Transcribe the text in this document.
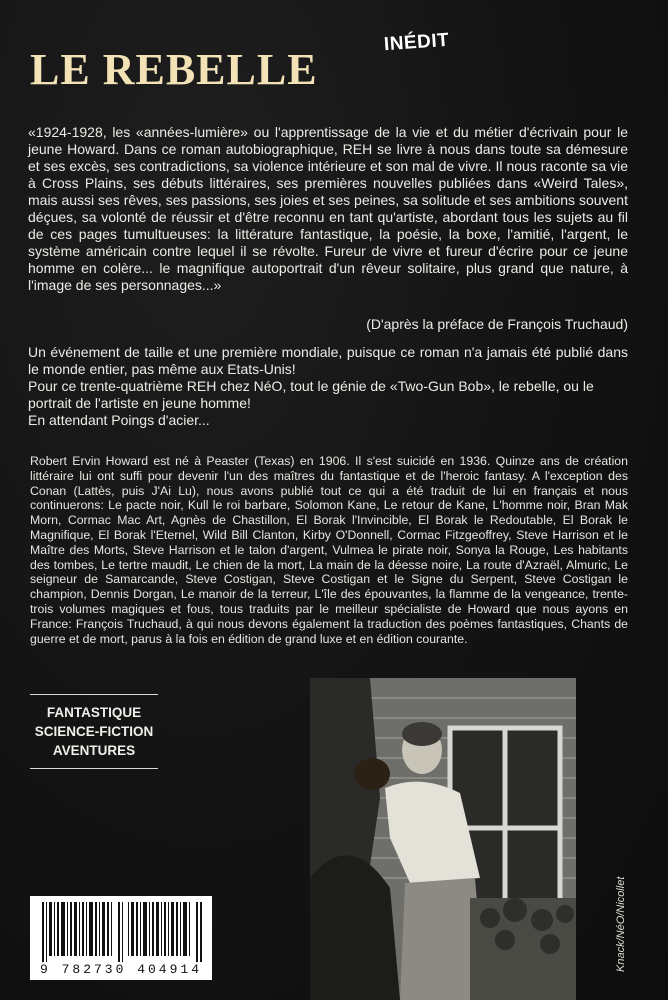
LE REBELLE
INÉDIT

«1924-1928, les «années-lumière» ou l'apprentissage de la vie et du métier d'écrivain pour le jeune Howard. Dans ce roman autobiographique, REH se livre à nous dans toute sa démesure et ses excès, ses contradictions, sa violence intérieure et son mal de vivre. Il nous raconte sa vie à Cross Plains, ses débuts littéraires, ses premières nouvelles publiées dans «Weird Tales», mais aussi ses rêves, ses passions, ses joies et ses peines, sa solitude et ses ambitions souvent déçues, sa volonté de réussir et d'être reconnu en tant qu'artiste, abordant tous les sujets au fil de ces pages tumultueuses: la littérature fantastique, la poésie, la boxe, l'amitié, l'argent, le système américain contre lequel il se révolte. Fureur de vivre et fureur d'écrire pour ce jeune homme en colère... le magnifique autoportrait d'un rêveur solitaire, plus grand que nature, à l'image de ses personnages...»

(D'après la préface de François Truchaud)
Un événement de taille et une première mondiale, puisque ce roman n'a jamais été publié dans le monde entier, pas même aux Etats-Unis!
Pour ce trente-quatrième REH chez NéO, tout le génie de «Two-Gun Bob», le rebelle, ou le portrait de l'artiste en jeune homme!
En attendant Poings d'acier...
Robert Ervin Howard est né à Peaster (Texas) en 1906. Il s'est suicidé en 1936. Quinze ans de création littéraire lui ont suffi pour devenir l'un des maîtres du fantastique et de l'heroic fantasy. A l'exception des Conan (Lattès, puis J'Ai Lu), nous avons publié tout ce qui a été traduit de lui en français et nous continuerons: Le pacte noir, Kull le roi barbare, Solomon Kane, Le retour de Kane, L'homme noir, Bran Mak Morn, Cormac Mac Art, Agnès de Chastillon, El Borak l'Invincible, El Borak le Redoutable, El Borak le Magnifique, El Borak l'Eternel, Wild Bill Clanton, Kirby O'Donnell, Cormac Fitzgeoffrey, Steve Harrison et le Maître des Morts, Steve Harrison et le talon d'argent, Vulmea le pirate noir, Sonya la Rouge, Les habitants des tombes, Le tertre maudit, Le chien de la mort, La main de la déesse noire, La route d'Azraël, Almuric, Le seigneur de Samarcande, Steve Costigan, Steve Costigan et le Signe du Serpent, Steve Costigan le champion, Dennis Dorgan, Le manoir de la terreur, L'île des épouvantes, la flamme de la vengeance, trente-trois volumes magiques et fous, tous traduits par le meilleur spécialiste de Howard que nous ayons en France: François Truchaud, à qui nous devons également la traduction des poèmes fantastiques, Chants de guerre et de mort, parus à la fois en édition de grand luxe et en édition courante.
FANTASTIQUE
SCIENCE-FICTION
AVENTURES
9 782730 404914	Knack/NéO/Nicollet
